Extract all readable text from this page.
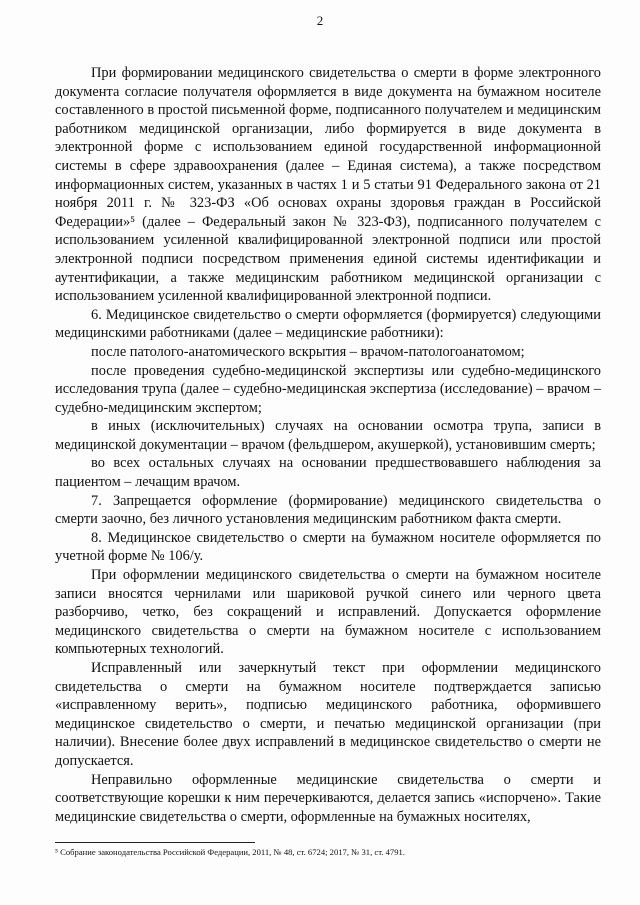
2

При формировании медицинского свидетельства о смерти в форме электронного документа согласие получателя оформляется в виде документа на бумажном носителе составленного в простой письменной форме, подписанного получателем и медицинским работником медицинской организации, либо формируется в виде документа в электронной форме с использованием единой государственной информационной системы в сфере здравоохранения (далее – Единая система), а также посредством информационных систем, указанных в частях 1 и 5 статьи 91 Федерального закона от 21 ноября 2011 г. № 323-ФЗ «Об основах охраны здоровья граждан в Российской Федерации»⁵ (далее – Федеральный закон № 323-ФЗ), подписанного получателем с использованием усиленной квалифицированной электронной подписи или простой электронной подписи посредством применения единой системы идентификации и аутентификации, а также медицинским работником медицинской организации с использованием усиленной квалифицированной электронной подписи.

6. Медицинское свидетельство о смерти оформляется (формируется) следующими медицинскими работниками (далее – медицинские работники):

после патолого-анатомического вскрытия – врачом-патологоанатомом;

после проведения судебно-медицинской экспертизы или судебно-медицинского исследования трупа (далее – судебно-медицинская экспертиза (исследование) – врачом – судебно-медицинским экспертом;

в иных (исключительных) случаях на основании осмотра трупа, записи в медицинской документации – врачом (фельдшером, акушеркой), установившим смерть;

во всех остальных случаях на основании предшествовавшего наблюдения за пациентом – лечащим врачом.

7. Запрещается оформление (формирование) медицинского свидетельства о смерти заочно, без личного установления медицинским работником факта смерти.

8. Медицинское свидетельство о смерти на бумажном носителе оформляется по учетной форме № 106/у.

При оформлении медицинского свидетельства о смерти на бумажном носителе записи вносятся чернилами или шариковой ручкой синего или черного цвета разборчиво, четко, без сокращений и исправлений. Допускается оформление медицинского свидетельства о смерти на бумажном носителе с использованием компьютерных технологий.

Исправленный или зачеркнутый текст при оформлении медицинского свидетельства о смерти на бумажном носителе подтверждается записью «исправленному верить», подписью медицинского работника, оформившего медицинское свидетельство о смерти, и печатью медицинской организации (при наличии). Внесение более двух исправлений в медицинское свидетельство о смерти не допускается.

Неправильно оформленные медицинские свидетельства о смерти и соответствующие корешки к ним перечеркиваются, делается запись «испорчено». Такие медицинские свидетельства о смерти, оформленные на бумажных носителях,

⁵ Собрание законодательства Российской Федерации, 2011, № 48, ст. 6724; 2017, № 31, ст. 4791.
